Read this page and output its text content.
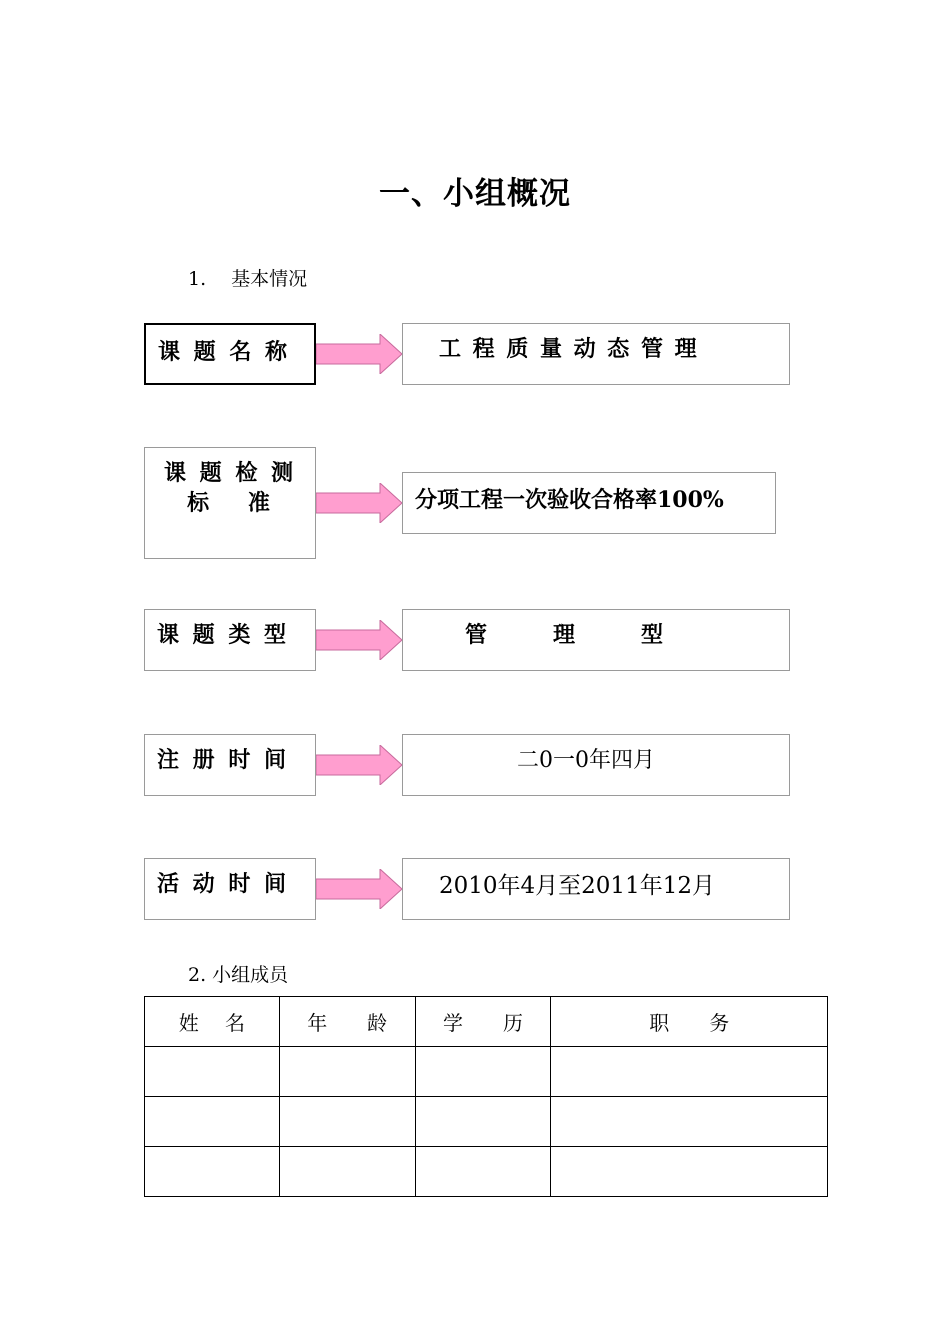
一、小组概况
1.　 基本情况
课 题 名 称	工 程 质 量 动 态 管 理
课 题 检 测
标　 准	分项工程一次验收合格率100%
课 题 类 型	管　　　理　　　型
注 册 时 间	二0一0年四月
活 动 时 间	2010年4月至2011年12月
2. 小组成员
姓　 名	年　　龄	学　　历	职　　务
